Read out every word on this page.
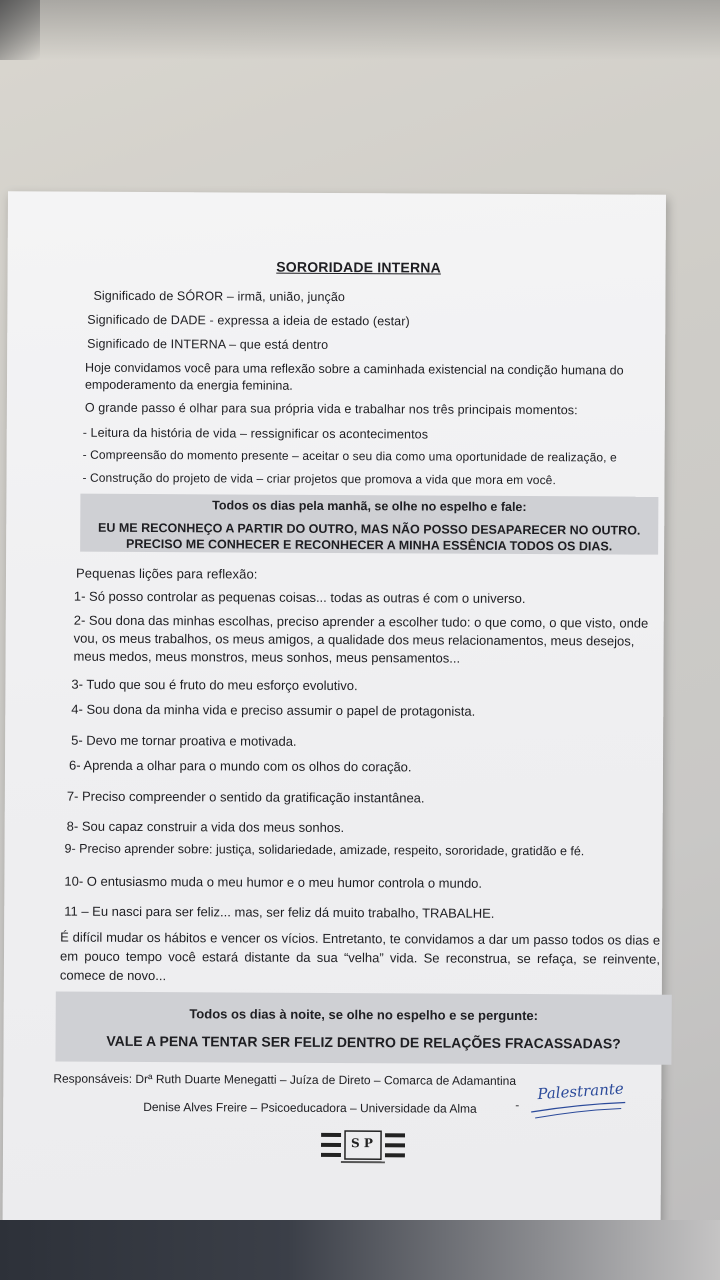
SORORIDADE INTERNA
Significado de SÓROR – irmã, união, junção
Significado de DADE - expressa a ideia de estado (estar)
Significado de INTERNA – que está dentro
Hoje convidamos você para uma reflexão sobre a caminhada existencial na condição humana do empoderamento da energia feminina.
O grande passo é olhar para sua própria vida e trabalhar nos três principais momentos:
- Leitura da história de vida – ressignificar os acontecimentos
- Compreensão do momento presente – aceitar o seu dia como uma oportunidade de realização, e
- Construção do projeto de vida – criar projetos que promova a vida que mora em você.
Todos os dias pela manhã, se olhe no espelho e fale:
EU ME RECONHEÇO A PARTIR DO OUTRO, MAS NÃO POSSO DESAPARECER NO OUTRO.
PRECISO ME CONHECER E RECONHECER A MINHA ESSÊNCIA TODOS OS DIAS.
Pequenas lições para reflexão:
1- Só posso controlar as pequenas coisas... todas as outras é com o universo.
2- Sou dona das minhas escolhas, preciso aprender a escolher tudo: o que como, o que visto, onde vou, os meus trabalhos, os meus amigos, a qualidade dos meus relacionamentos, meus desejos, meus medos, meus monstros, meus sonhos, meus pensamentos...
3- Tudo que sou é fruto do meu esforço evolutivo.
4- Sou dona da minha vida e preciso assumir o papel de protagonista.
5- Devo me tornar proativa e motivada.
6- Aprenda a olhar para o mundo com os olhos do coração.
7- Preciso compreender o sentido da gratificação instantânea.
8- Sou capaz construir a vida dos meus sonhos.
9- Preciso aprender sobre: justiça, solidariedade, amizade, respeito, sororidade, gratidão e fé.
10- O entusiasmo muda o meu humor e o meu humor controla o mundo.
11 – Eu nasci para ser feliz... mas, ser feliz dá muito trabalho, TRABALHE.
É difícil mudar os hábitos e vencer os vícios. Entretanto, te convidamos a dar um passo todos os dias e em pouco tempo você estará distante da sua “velha” vida. Se reconstrua, se refaça, se reinvente, comece de novo...
Todos os dias à noite, se olhe no espelho e se pergunte:
VALE A PENA TENTAR SER FELIZ DENTRO DE RELAÇÕES FRACASSADAS?
Responsáveis: Drª Ruth Duarte Menegatti – Juíza de Direto – Comarca de Adamantina
Denise Alves Freire – Psicoeducadora – Universidade da Alma	-
Palestrante
S P
